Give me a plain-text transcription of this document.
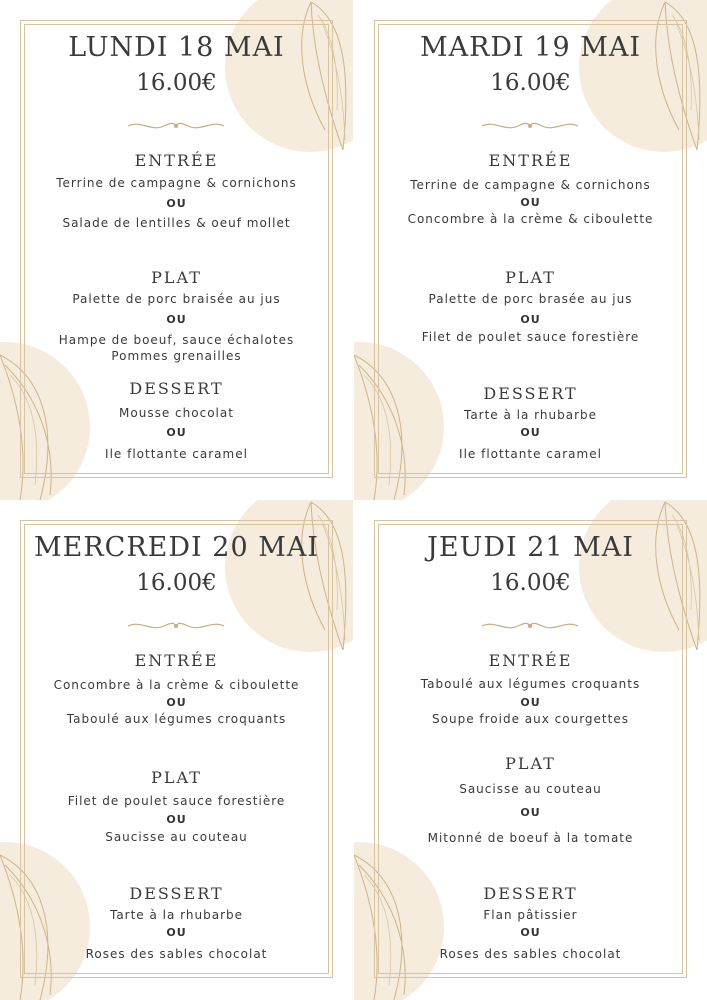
LUNDI 18 MAI
16.00€
ENTRÉE
Terrine de campagne & cornichons
OU
Salade de lentilles & oeuf mollet
PLAT
Palette de porc braisée au jus
OU
Hampe de boeuf, sauce échalotes
Pommes grenailles
DESSERT
Mousse chocolat
OU
Ile flottante caramel
MARDI 19 MAI
16.00€
ENTRÉE
Terrine de campagne & cornichons
OU
Concombre à la crème & ciboulette
PLAT
Palette de porc brasée au jus
OU
Filet de poulet sauce forestière
DESSERT
Tarte à la rhubarbe
OU
Ile flottante caramel
MERCREDI 20 MAI
16.00€
ENTRÉE
Concombre à la crème & ciboulette
OU
Taboulé aux légumes croquants
PLAT
Filet de poulet sauce forestière
OU
Saucisse au couteau
DESSERT
Tarte à la rhubarbe
OU
Roses des sables chocolat
JEUDI 21 MAI
16.00€
ENTRÉE
Taboulé aux légumes croquants
OU
Soupe froide aux courgettes
PLAT
Saucisse au couteau
OU
Mitonné de boeuf à la tomate
DESSERT
Flan pâtissier
OU
Roses des sables chocolat
